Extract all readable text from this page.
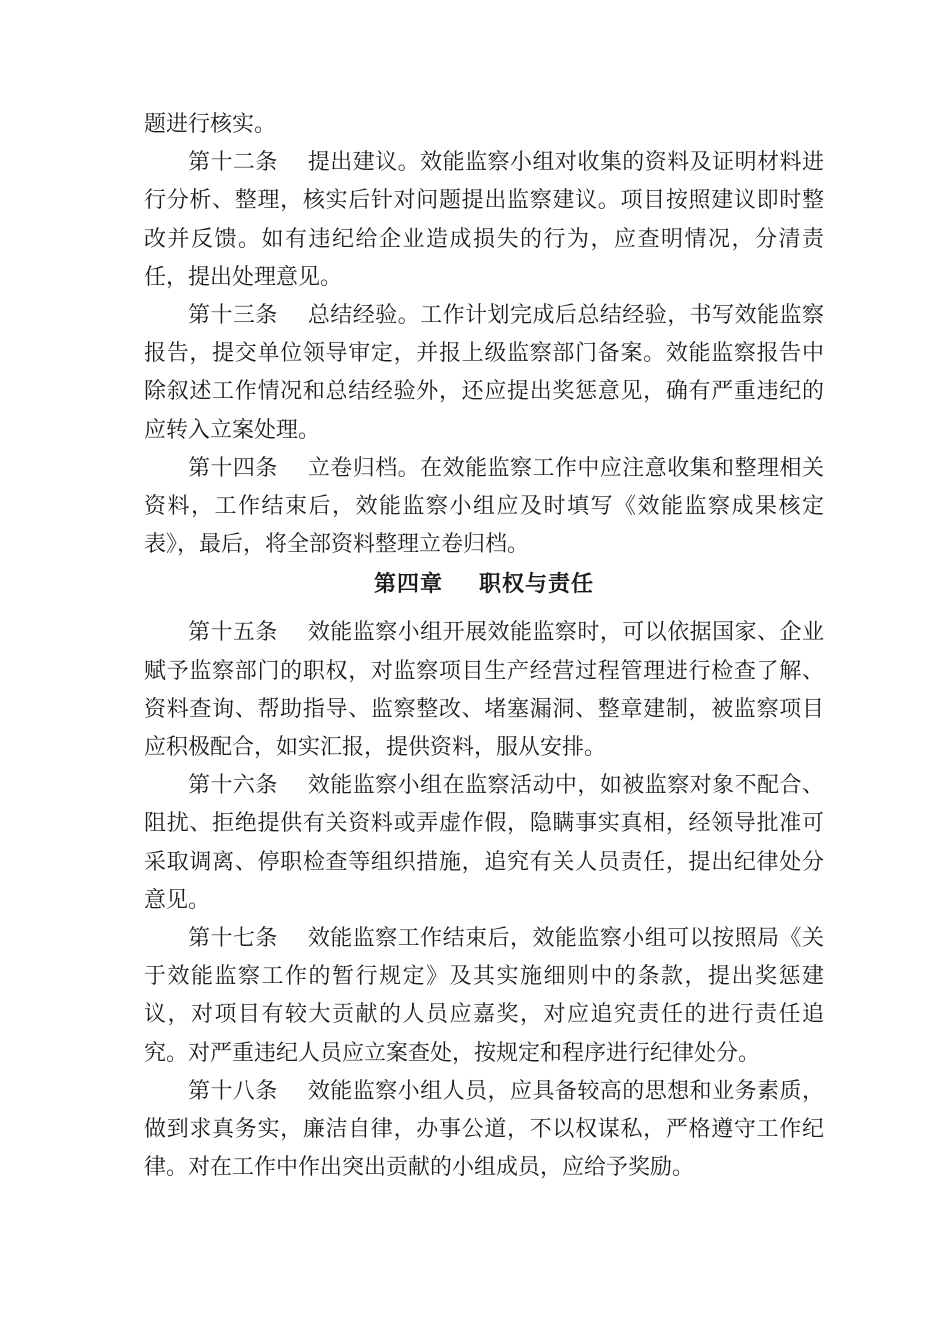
题进行核实。

第十二条 提出建议。效能监察小组对收集的资料及证明材料进行分析、整理，核实后针对问题提出监察建议。项目按照建议即时整改并反馈。如有违纪给企业造成损失的行为，应查明情况，分清责任，提出处理意见。

第十三条 总结经验。工作计划完成后总结经验，书写效能监察报告，提交单位领导审定，并报上级监察部门备案。效能监察报告中除叙述工作情况和总结经验外，还应提出奖惩意见，确有严重违纪的应转入立案处理。

第十四条 立卷归档。在效能监察工作中应注意收集和整理相关资料，工作结束后，效能监察小组应及时填写《效能监察成果核定表》，最后，将全部资料整理立卷归档。

第四章 职权与责任

第十五条 效能监察小组开展效能监察时，可以依据国家、企业赋予监察部门的职权，对监察项目生产经营过程管理进行检查了解、资料查询、帮助指导、监察整改、堵塞漏洞、整章建制，被监察项目应积极配合，如实汇报，提供资料，服从安排。

第十六条 效能监察小组在监察活动中，如被监察对象不配合、阻扰、拒绝提供有关资料或弄虚作假，隐瞒事实真相，经领导批准可采取调离、停职检查等组织措施，追究有关人员责任，提出纪律处分意见。

第十七条 效能监察工作结束后，效能监察小组可以按照局《关于效能监察工作的暂行规定》及其实施细则中的条款，提出奖惩建议，对项目有较大贡献的人员应嘉奖，对应追究责任的进行责任追究。对严重违纪人员应立案查处，按规定和程序进行纪律处分。

第十八条 效能监察小组人员，应具备较高的思想和业务素质，做到求真务实，廉洁自律，办事公道，不以权谋私，严格遵守工作纪律。对在工作中作出突出贡献的小组成员，应给予奖励。
